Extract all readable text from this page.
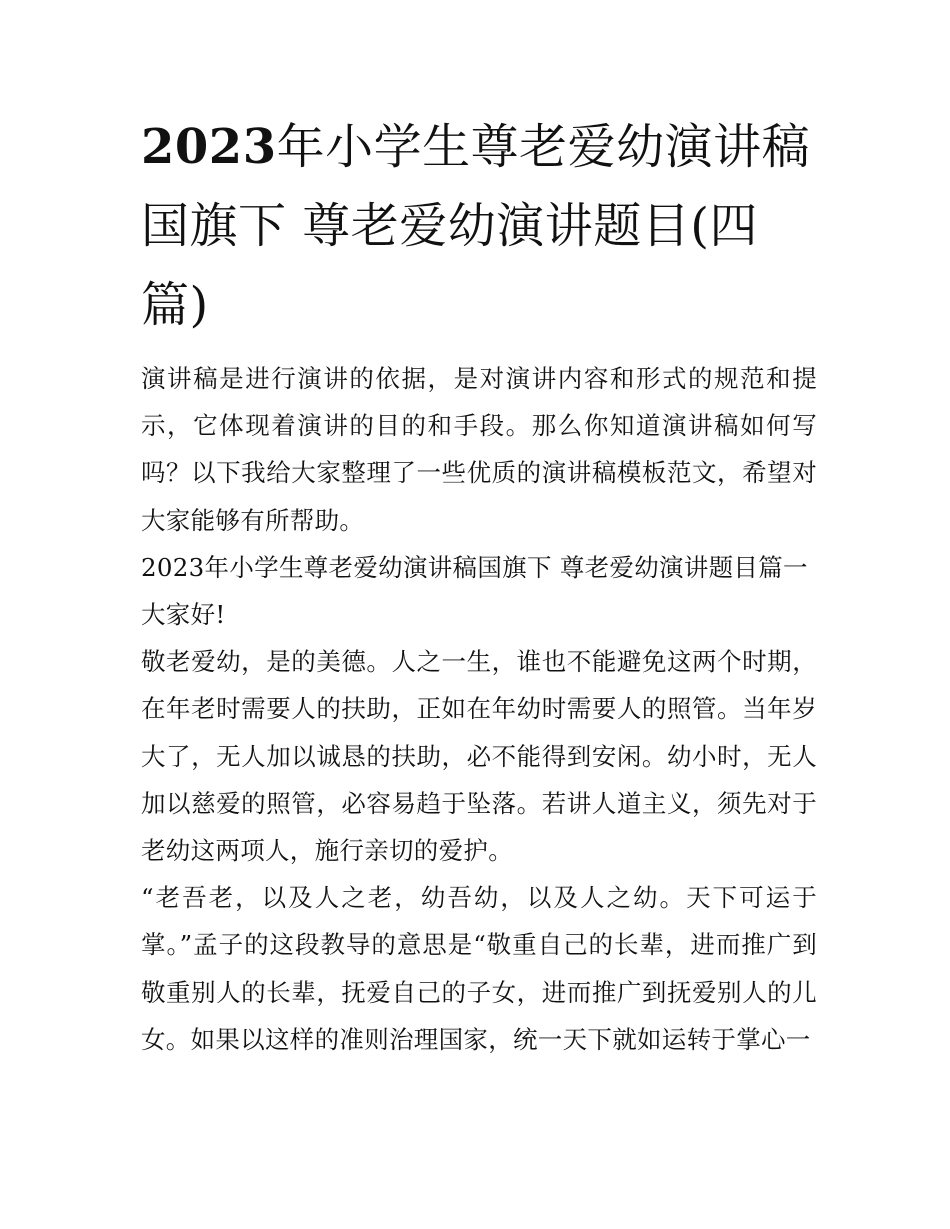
2023年小学生尊老爱幼演讲稿国旗下 尊老爱幼演讲题目(四篇)

演讲稿是进行演讲的依据，是对演讲内容和形式的规范和提示，它体现着演讲的目的和手段。那么你知道演讲稿如何写吗？以下我给大家整理了一些优质的演讲稿模板范文，希望对大家能够有所帮助。

2023年小学生尊老爱幼演讲稿国旗下 尊老爱幼演讲题目篇一

大家好!

敬老爱幼，是的美德。人之一生，谁也不能避免这两个时期，在年老时需要人的扶助，正如在年幼时需要人的照管。当年岁大了，无人加以诚恳的扶助，必不能得到安闲。幼小时，无人加以慈爱的照管，必容易趋于坠落。若讲人道主义，须先对于老幼这两项人，施行亲切的爱护。

“老吾老，以及人之老，幼吾幼，以及人之幼。天下可运于掌。”孟子的这段教导的意思是“敬重自己的长辈，进而推广到敬重别人的长辈，抚爱自己的子女，进而推广到抚爱别人的儿女。如果以这样的准则治理国家，统一天下就如运转于掌心一
